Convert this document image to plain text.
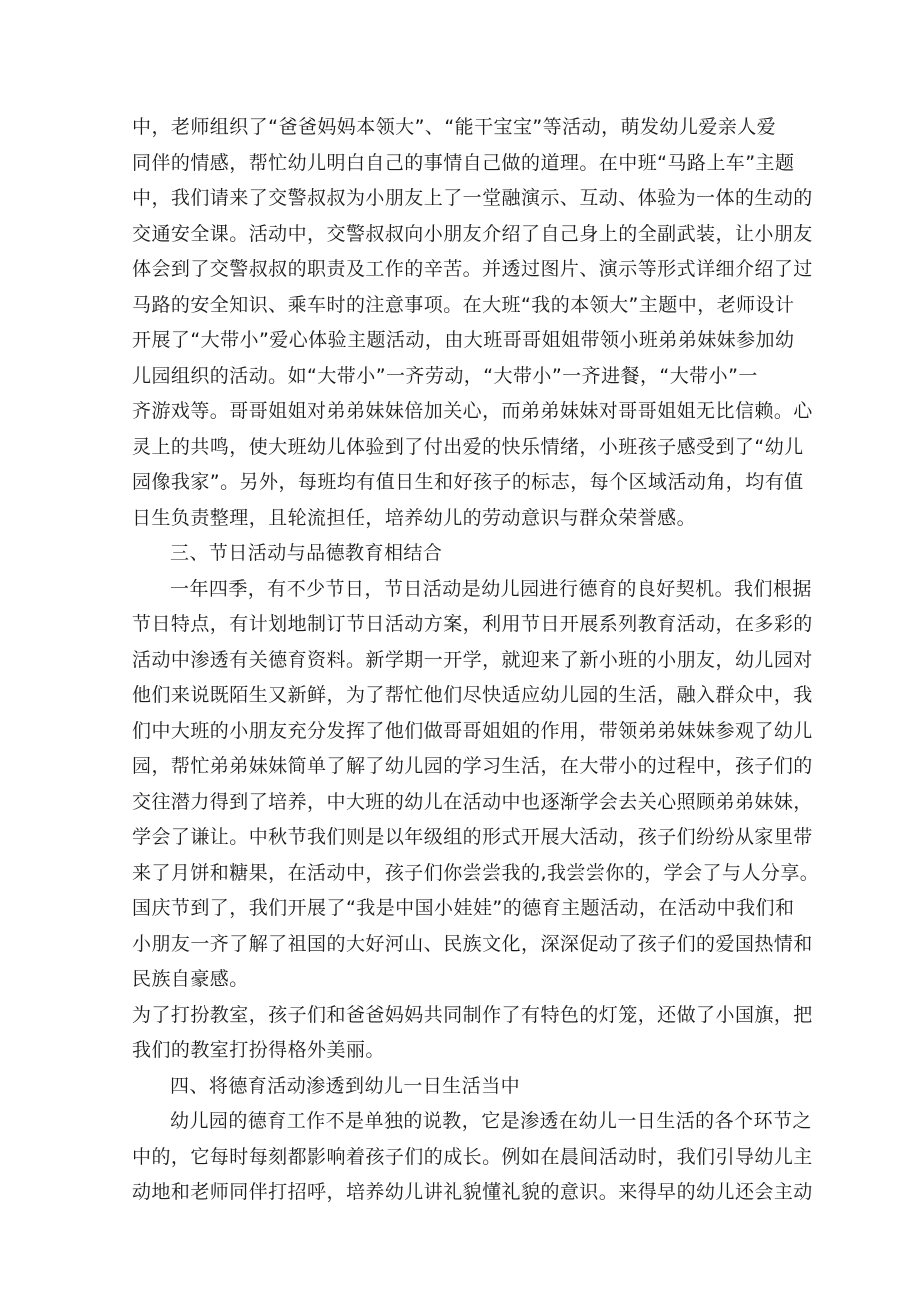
中，老师组织了“爸爸妈妈本领大”、“能干宝宝”等活动，萌发幼儿爱亲人爱
同伴的情感，帮忙幼儿明白自己的事情自己做的道理。在中班“马路上车”主题
中，我们请来了交警叔叔为小朋友上了一堂融演示、互动、体验为一体的生动的
交通安全课。活动中，交警叔叔向小朋友介绍了自己身上的全副武装，让小朋友
体会到了交警叔叔的职责及工作的辛苦。并透过图片、演示等形式详细介绍了过
马路的安全知识、乘车时的注意事项。在大班“我的本领大”主题中，老师设计
开展了“大带小”爱心体验主题活动，由大班哥哥姐姐带领小班弟弟妹妹参加幼
儿园组织的活动。如“大带小”一齐劳动，“大带小”一齐进餐，“大带小”一
齐游戏等。哥哥姐姐对弟弟妹妹倍加关心，而弟弟妹妹对哥哥姐姐无比信赖。心
灵上的共鸣，使大班幼儿体验到了付出爱的快乐情绪，小班孩子感受到了“幼儿
园像我家”。另外，每班均有值日生和好孩子的标志，每个区域活动角，均有值
日生负责整理，且轮流担任，培养幼儿的劳动意识与群众荣誉感。
三、节日活动与品德教育相结合
一年四季，有不少节日，节日活动是幼儿园进行德育的良好契机。我们根据
节日特点，有计划地制订节日活动方案，利用节日开展系列教育活动，在多彩的
活动中渗透有关德育资料。新学期一开学，就迎来了新小班的小朋友，幼儿园对
他们来说既陌生又新鲜，为了帮忙他们尽快适应幼儿园的生活，融入群众中，我
们中大班的小朋友充分发挥了他们做哥哥姐姐的作用，带领弟弟妹妹参观了幼儿
园，帮忙弟弟妹妹简单了解了幼儿园的学习生活，在大带小的过程中，孩子们的
交往潜力得到了培养，中大班的幼儿在活动中也逐渐学会去关心照顾弟弟妹妹，
学会了谦让。中秋节我们则是以年级组的形式开展大活动，孩子们纷纷从家里带
来了月饼和糖果，在活动中，孩子们你尝尝我的,我尝尝你的，学会了与人分享。
国庆节到了，我们开展了“我是中国小娃娃”的德育主题活动，在活动中我们和
小朋友一齐了解了祖国的大好河山、民族文化，深深促动了孩子们的爱国热情和
民族自豪感。
为了打扮教室，孩子们和爸爸妈妈共同制作了有特色的灯笼，还做了小国旗，把
我们的教室打扮得格外美丽。
四、将德育活动渗透到幼儿一日生活当中
幼儿园的德育工作不是单独的说教，它是渗透在幼儿一日生活的各个环节之
中的，它每时每刻都影响着孩子们的成长。例如在晨间活动时，我们引导幼儿主
动地和老师同伴打招呼，培养幼儿讲礼貌懂礼貌的意识。来得早的幼儿还会主动
